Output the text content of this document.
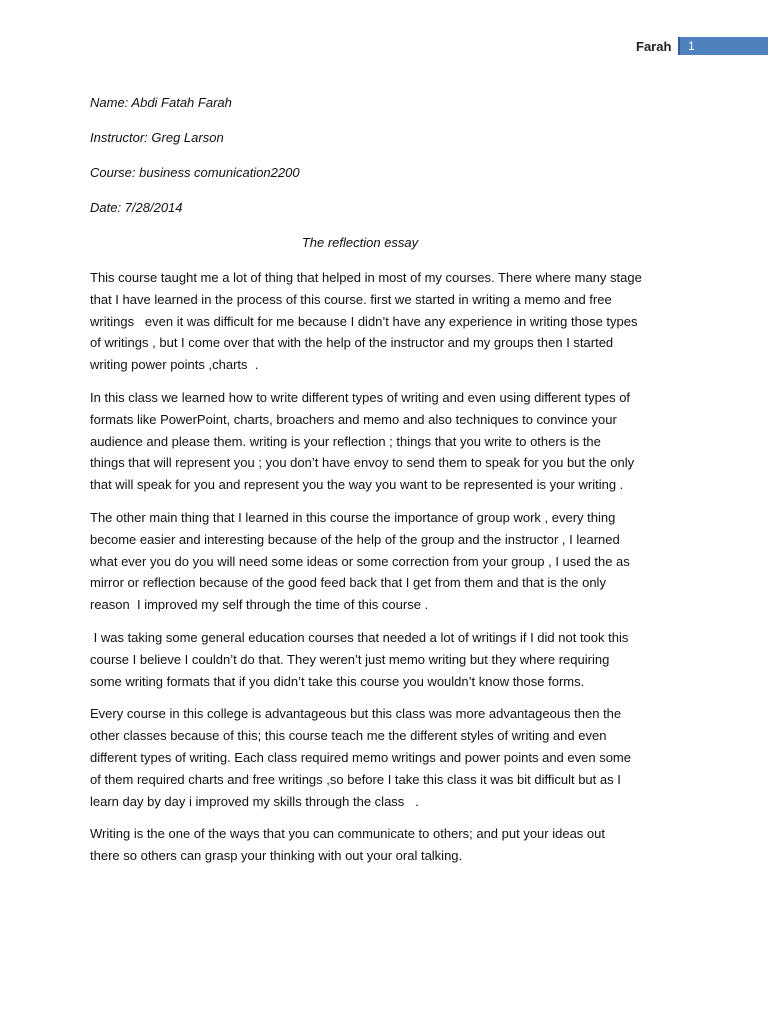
Farah	1
Name: Abdi Fatah Farah
Instructor: Greg Larson
Course: business comunication2200
Date: 7/28/2014
The reflection essay

This course taught me a lot of thing that helped in most of my courses. There where many stage
that I have learned in the process of this course. first we started in writing a memo and free
writings   even it was difficult for me because I didn’t have any experience in writing those types
of writings , but I come over that with the help of the instructor and my groups then I started
writing power points ,charts  .

In this class we learned how to write different types of writing and even using different types of
formats like PowerPoint, charts, broachers and memo and also techniques to convince your
audience and please them. writing is your reflection ; things that you write to others is the
things that will represent you ; you don’t have envoy to send them to speak for you but the only
that will speak for you and represent you the way you want to be represented is your writing .

The other main thing that I learned in this course the importance of group work , every thing
become easier and interesting because of the help of the group and the instructor , I learned
what ever you do you will need some ideas or some correction from your group , I used the as
mirror or reflection because of the good feed back that I get from them and that is the only
reason  I improved my self through the time of this course .

I was taking some general education courses that needed a lot of writings if I did not took this
course I believe I couldn’t do that. They weren’t just memo writing but they where requiring
some writing formats that if you didn’t take this course you wouldn’t know those forms.

Every course in this college is advantageous but this class was more advantageous then the
other classes because of this; this course teach me the different styles of writing and even
different types of writing. Each class required memo writings and power points and even some
of them required charts and free writings ,so before I take this class it was bit difficult but as I
learn day by day i improved my skills through the class   .

Writing is the one of the ways that you can communicate to others; and put your ideas out
there so others can grasp your thinking with out your oral talking.
